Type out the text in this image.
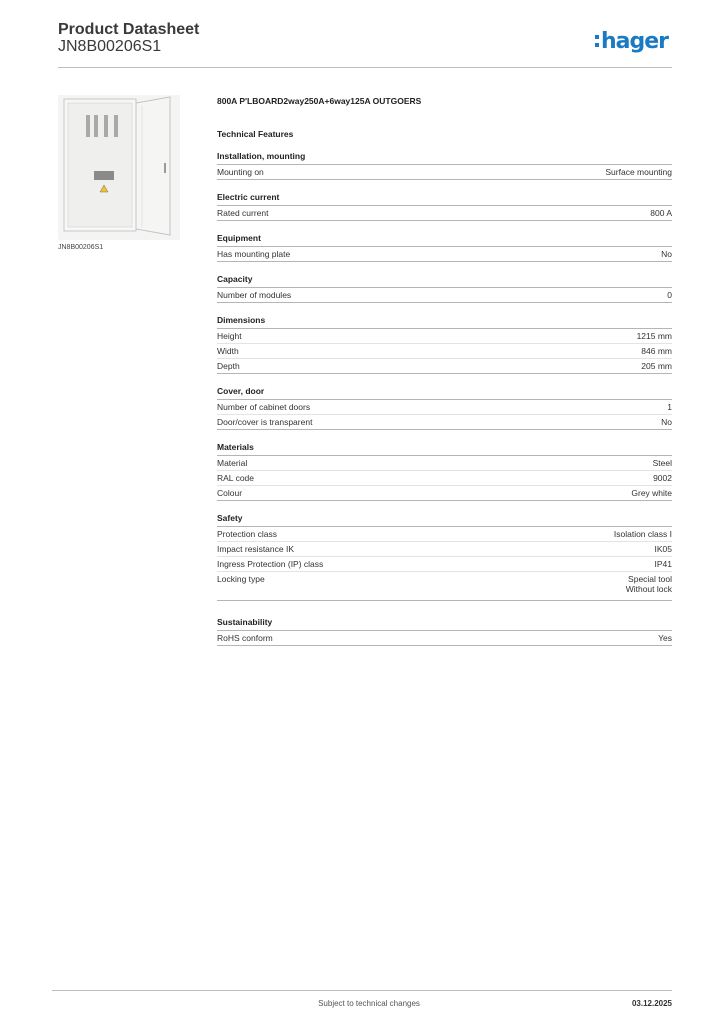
Product Datasheet
JN8B00206S1	hager
JN8B00206S1
800A P'LBOARD2way250A+6way125A OUTGOERS
Technical Features
Installation, mounting
Mounting on	Surface mounting
Electric current
Rated current	800 A
Equipment
Has mounting plate	No
Capacity
Number of modules	0
Dimensions
Height	1215 mm
Width	846 mm
Depth	205 mm
Cover, door
Number of cabinet doors	1
Door/cover is transparent	No
Materials
Material	Steel
RAL code	9002
Colour	Grey white
Safety
Protection class	Isolation class I
Impact resistance IK	IK05
Ingress Protection (IP) class	IP41
Locking type	Special tool
Without lock
Sustainability
RoHS conform	Yes
Subject to technical changes	03.12.2025
